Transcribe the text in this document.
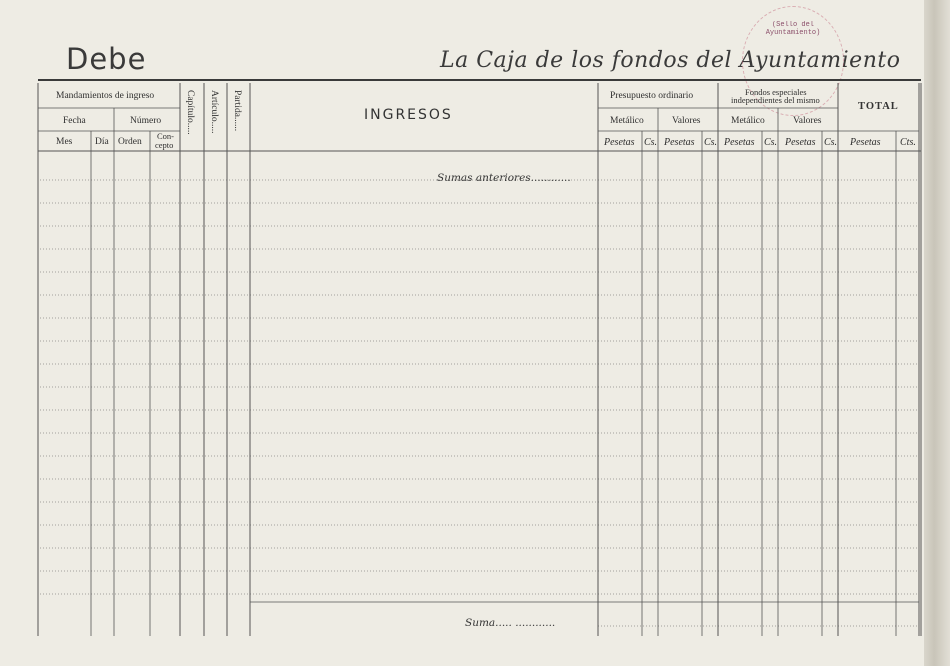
Debe	La Caja de los fondos del Ayuntamiento
(Sello del
Ayuntamiento)
Mandamientos de ingreso
Fecha	Número
Mes Día Orden
Con-
cepto
Capítulo..... Artículo..... Partida......	INGRESOS
Presupuesto ordinario	Fondos especiales
independientes del mismo
TOTAL
Metálico	Valores	Metálico	Valores
Pesetas Cs. Pesetas Cs. Pesetas Cs. Pesetas Cs. Pesetas Cts.
Sumas anteriores............
Suma..... ............
